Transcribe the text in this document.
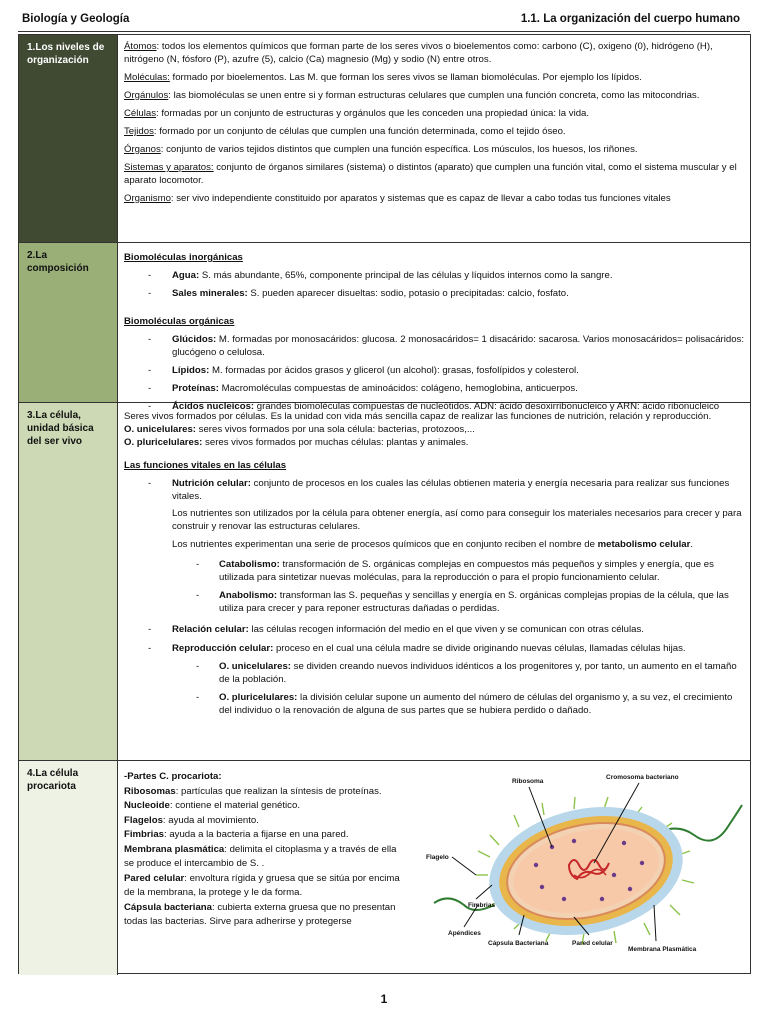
Biología y Geología	1.1. La organización del cuerpo humano
1.Los niveles de organización

Átomos: todos los elementos químicos que forman parte de los seres vivos o bioelementos como: carbono (C), oxigeno (0), hidrógeno (H), nitrógeno (N, fósforo (P), azufre (5), calcio (Ca) magnesio (Mg) y sodio (N) entre otros.

Moléculas: formado por bioelementos. Las M. que forman los seres vivos se llaman biomoléculas. Por ejemplo los lípidos.

Orgánulos: las biomoléculas se unen entre si y forman estructuras celulares que cumplen una función concreta, como las mitocondrias.

Células: formadas por un conjunto de estructuras y orgánulos que les conceden una propiedad única: la vida.

Tejidos: formado por un conjunto de células que cumplen una función determinada, como el tejido óseo.

Órganos: conjunto de varios tejidos distintos que cumplen una función específica. Los músculos, los huesos, los riñones.

Sistemas y aparatos: conjunto de órganos similares (sistema) o distintos (aparato) que cumplen una función vital, como el sistema muscular y el aparato locomotor.

Organismo: ser vivo independiente constituido por aparatos y sistemas que es capaz de llevar a cabo todas tus funciones vitales

2.La composición

Biomoléculas inorgánicas

- Agua: S. más abundante, 65%, componente principal de las células y líquidos internos como la sangre.

- Sales minerales: S. pueden aparecer disueltas: sodio, potasio o precipitadas: calcio, fosfato.

Biomoléculas orgánicas

- Glúcidos: M. formadas por monosacáridos: glucosa. 2 monosacáridos= 1 disacárido: sacarosa. Varios monosacáridos= polisacáridos: glucógeno o celulosa.

- Lípidos: M. formadas por ácidos grasos y glicerol (un alcohol): grasas, fosfolípidos y colesterol.

- Proteínas: Macromoléculas compuestas de aminoácidos: colágeno, hemoglobina, anticuerpos.

- Ácidos nucleicos: grandes biomoléculas compuestas de nucleótidos. ADN: ácido desoxirribonucleico y ARN: ácido ribonucleico

3.La célula, unidad básica del ser vivo

Seres vivos formados por células. Es la unidad con vida más sencilla capaz de realizar las funciones de nutrición, relación y reproducción.

O. unicelulares: seres vivos formados por una sola célula: bacterias, protozoos,...

O. pluricelulares: seres vivos formados por muchas células: plantas y animales.

Las funciones vitales en las células

- Nutrición celular: conjunto de procesos en los cuales las células obtienen materia y energía necesaria para realizar sus funciones vitales.

Los nutrientes son utilizados por la célula para obtener energía, así como para conseguir los materiales necesarios para crecer y para construir y renovar las estructuras celulares.

Los nutrientes experimentan una serie de procesos químicos que en conjunto reciben el nombre de metabolismo celular.

- Catabolismo: transformación de S. orgánicas complejas en compuestos más pequeños y simples y energía, que es utilizada para sintetizar nuevas moléculas, para la reproducción o para el propio funcionamiento celular.

- Anabolismo: transforman las S. pequeñas y sencillas y energía en S. orgánicas complejas propias de la célula, que las utiliza para crecer y para reponer estructuras dañadas o perdidas.

- Relación celular: las células recogen información del medio en el que viven y se comunican con otras células.

- Reproducción celular: proceso en el cual una célula madre se divide originando nuevas células, llamadas células hijas.

- O. unicelulares: se dividen creando nuevos individuos idénticos a los progenitores y, por tanto, un aumento en el tamaño de la población.

- O. pluricelulares: la división celular supone un aumento del número de células del organismo y, a su vez, el crecimiento del individuo o la renovación de alguna de sus partes que se hubiera perdido o dañado.

4.La célula procariota

-Partes C. procariota:

Ribosomas: partículas que realizan la síntesis de proteínas.

Nucleoide: contiene el material genético.

Flagelos: ayuda al movimiento.

Fimbrias: ayuda a la bacteria a fijarse en una pared.

Membrana plasmática: delimita el citoplasma y a través de ella se produce el intercambio de S. .

Pared celular: envoltura rígida y gruesa que se sitúa por encima de la membrana, la protege y le da forma.

Cápsula bacteriana: cubierta externa gruesa que no presentan todas las bacterias. Sirve para adherirse y protegerse

Ribosoma
Cromosoma bacteriano
Flagelo
Fimbrias
Apéndices
Cápsula Bacteriana	Pared celular
Membrana Plasmática
1
